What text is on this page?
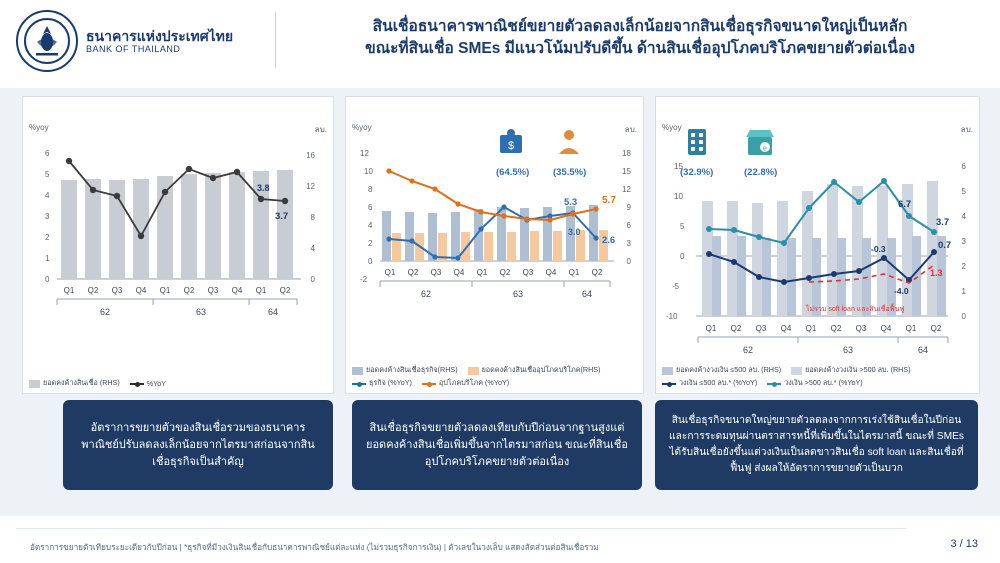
ธนาคารแห่งประเทศไทย
BANK OF THAILAND
สินเชื่อธนาคารพาณิชย์ขยายตัวลดลงเล็กน้อยจากสินเชื่อธุรกิจขนาดใหญ่เป็นหลัก
ขณะที่สินเชื่อ SMEs มีแนวโน้มปรับดีขึ้น ด้านสินเชื่ออุปโภคบริโภคขยายตัวต่อเนื่อง
%yoy	ลบ.
0
1
2
3
4
5
6
0
4
8
12
16
3.8
3.7
Q1 Q2 Q3 Q4 Q1 Q2 Q3 Q4 Q1 Q2
62	63	64
ยอดคงค้างสินเชื่อ (RHS)	%YoY
%yoy	ลบ.
(64.5%) (35.5%)
$
12
10
8
6
4
2
0
-2
18
15
12
9
6
3
0
5.3 5.7
3.0
2.6
Q1 Q2 Q3 Q4 Q1 Q2 Q3 Q4 Q1 Q2
62	63	64
ยอดคงค้างสินเชื่อธุรกิจ(RHS)	ยอดคงค้างสินเชื่ออุปโภคบริโภค(RHS)
ธุรกิจ (%YoY)	อุปโภคบริโภค (%YoY)
%yoy	ลบ.
(32.9%)	(22.8%)
e
15
10
5
0
-5
-10
6
5
4
3
2
1
0
6.7
3.7
-0.3	0.7
-4.0
1.3
ไม่รวม soft loan และสินเชื่อฟื้นฟู
Q1 Q2 Q3 Q4 Q1 Q2 Q3 Q4 Q1 Q2
62	63	64
ยอดคงค้างวงเงิน ≤500 ลบ. (RHS)	ยอดคงค้างวงเงิน >500 ลบ. (RHS)
วงเงิน ≤500 ลบ.* (%YoY)	วงเงิน >500 ลบ.* (%YoY)
อัตราการขยายตัวของสินเชื่อรวมของธนาคารพาณิชย์ปรับลดลงเล็กน้อยจากไตรมาสก่อนจากสินเชื่อธุรกิจเป็นสำคัญ
สินเชื่อธุรกิจขยายตัวลดลงเทียบกับปีก่อนจากฐานสูงแต่ยอดคงค้างสินเชื่อเพิ่มขึ้นจากไตรมาสก่อน ขณะที่สินเชื่ออุปโภคบริโภคขยายตัวต่อเนื่อง
สินเชื่อธุรกิจขนาดใหญ่ขยายตัวลดลงจากการเร่งใช้สินเชื่อในปีก่อนและการระดมทุนผ่านตราสารหนี้ที่เพิ่มขึ้นในไตรมาสนี้ ขณะที่ SMEs ได้รับสินเชื่อยังขึ้นแต่วงเงินเป็นลดขาวสินเชื่อ soft loan และสินเชื่อที่ฟื้นฟู ส่งผลให้อัตราการขยายตัวเป็นบวก
อัตราการขยายตัวเทียบระยะเดียวกับปีก่อน | *ธุรกิจที่มีวงเงินสินเชื่อกับธนาคารพาณิชย์แต่ละแห่ง (ไม่รวมธุรกิจการเงิน) | ตัวเลขในวงเล็บ แสดงสัดส่วนต่อสินเชื่อรวม	3 / 13
